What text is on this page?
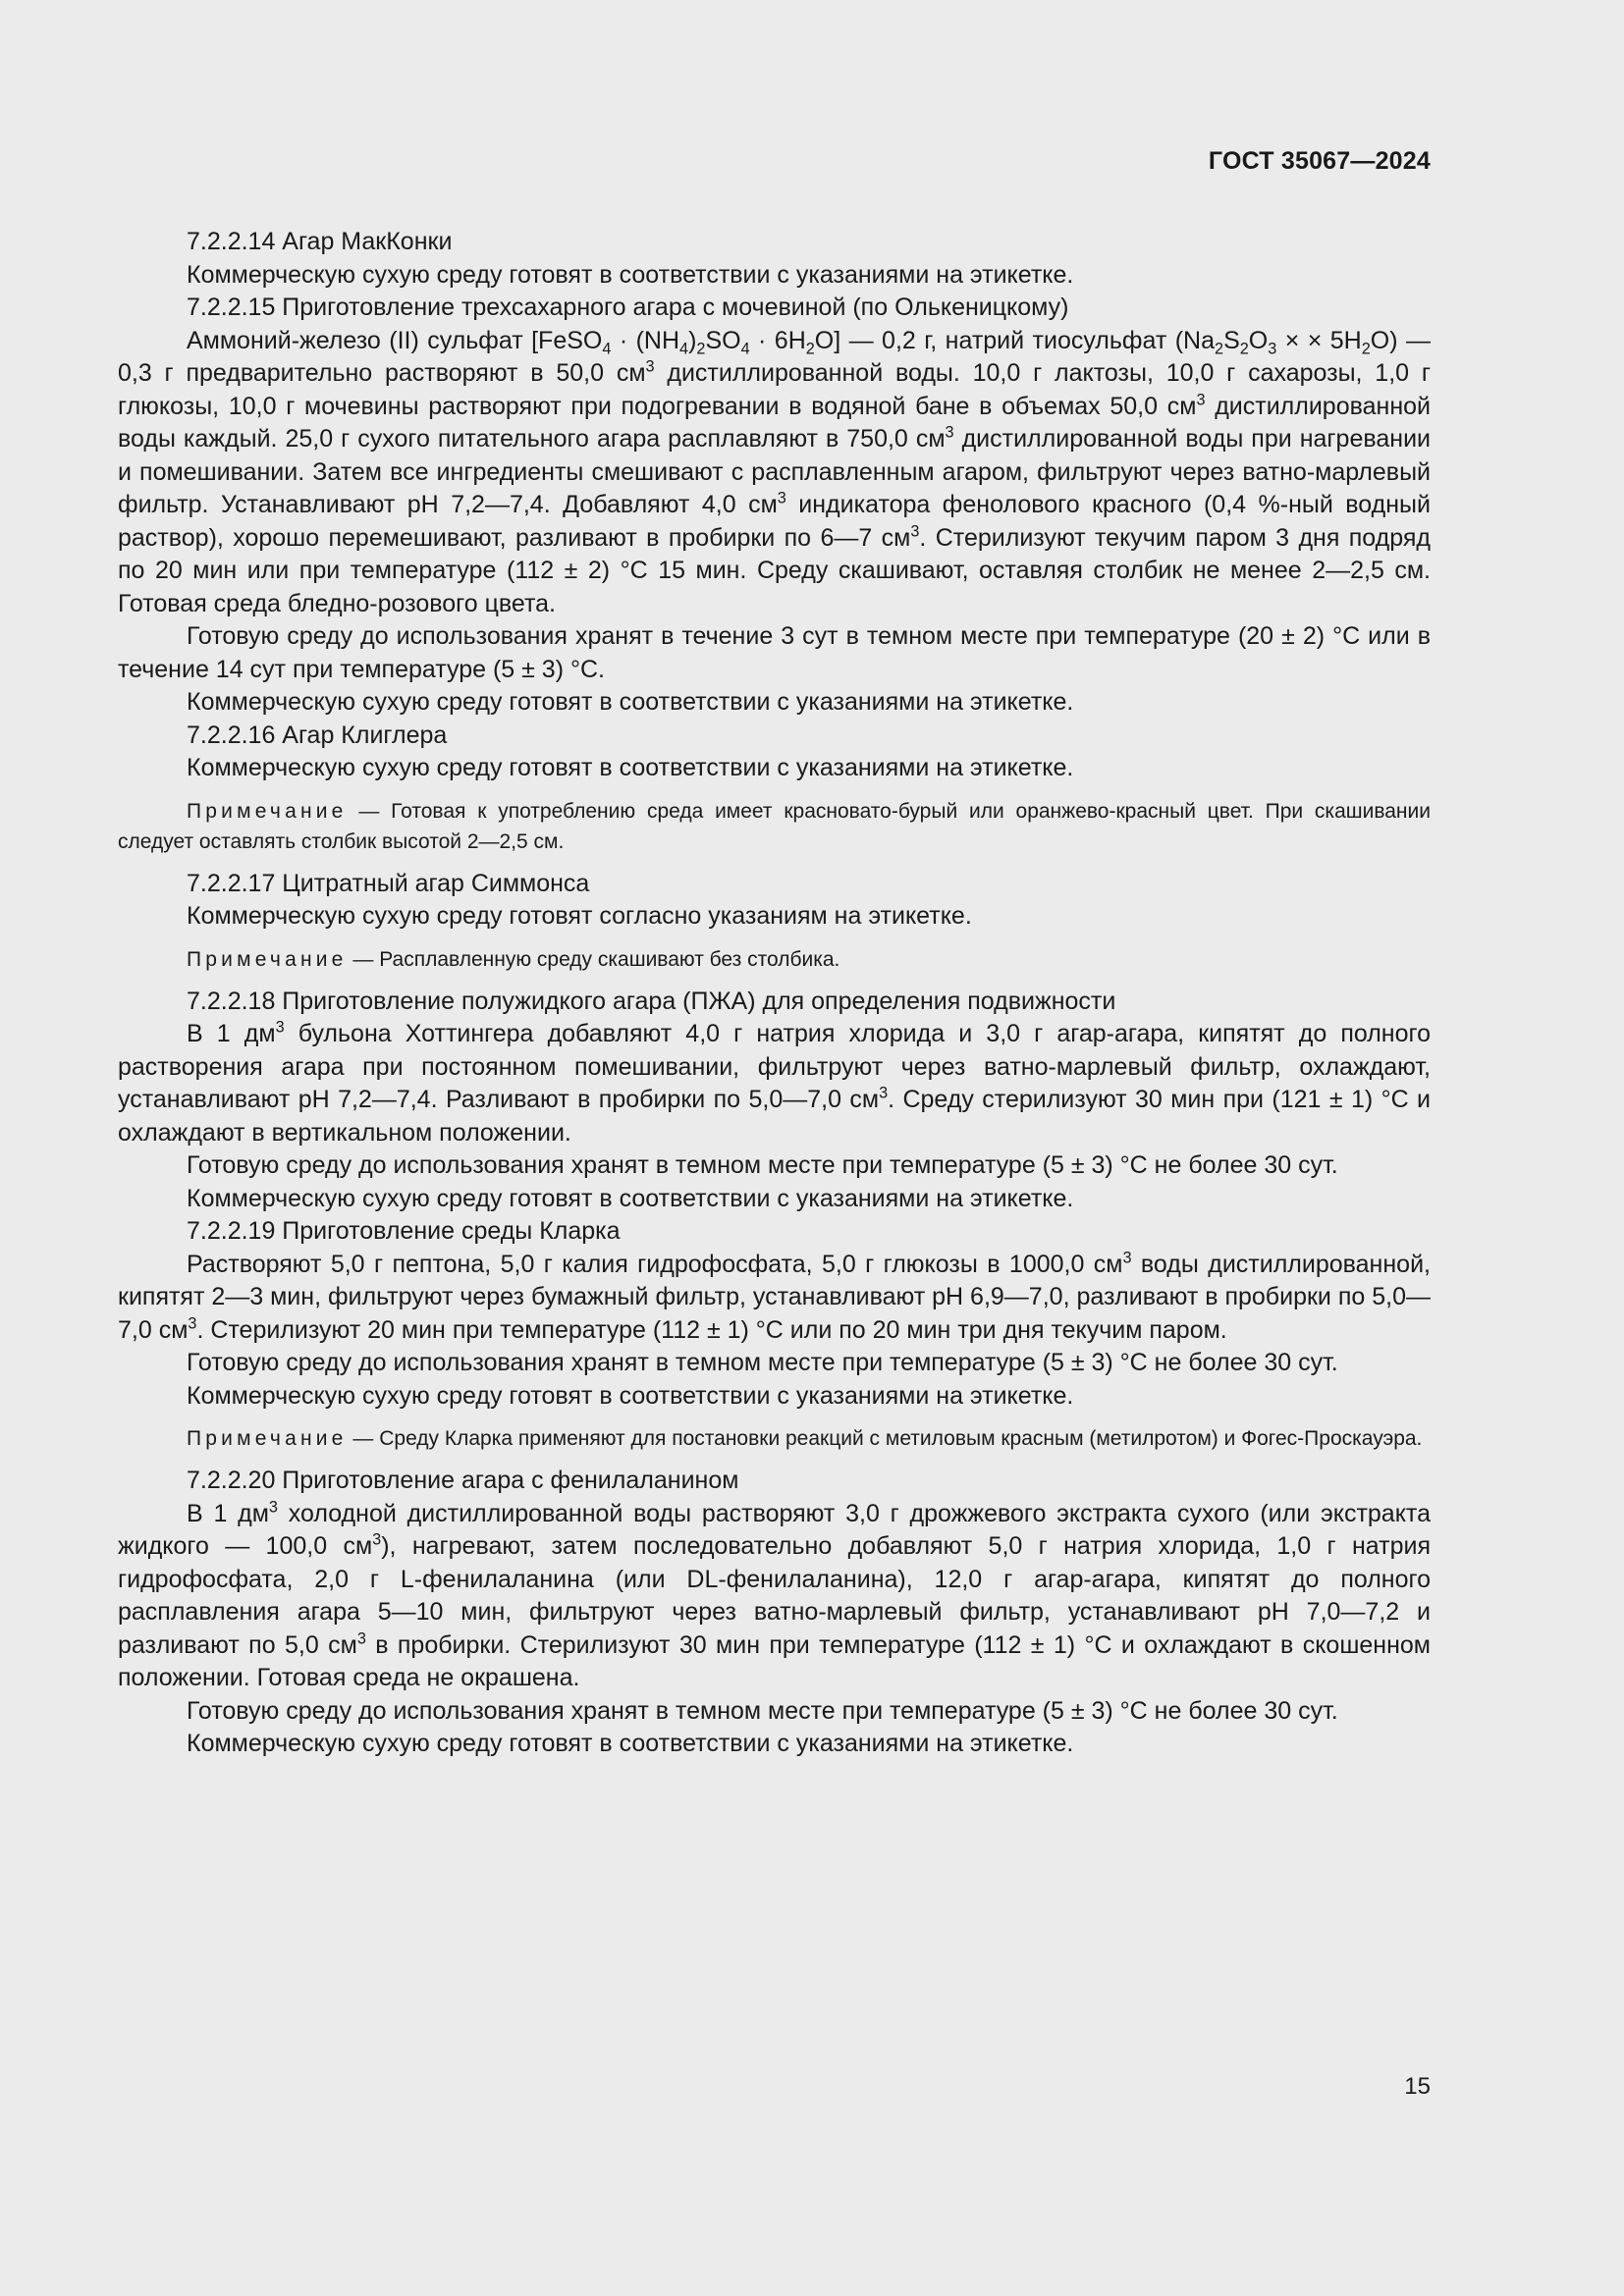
ГОСТ 35067—2024

7.2.2.14 Агар МакКонки

Коммерческую сухую среду готовят в соответствии с указаниями на этикетке.

7.2.2.15 Приготовление трехсахарного агара с мочевиной (по Олькеницкому)

Аммоний-железо (II) сульфат [FeSO$_4$ · $(NH_4)_2SO_4 \cdot 6H_2O$] — 0,2 г, натрий тиосульфат ($Na_2S_2O_3$ × × $5H_2O$) — 0,3 г предварительно растворяют в 50,0 $см^3$ дистиллированной воды. 10,0 г лактозы, 10,0 г сахарозы, 1,0 г глюкозы, 10,0 г мочевины растворяют при подогревании в водяной бане в объемах 50,0 $см^3$ дистиллированной воды каждый. 25,0 г сухого питательного агара расплавляют в 750,0 $см^3$ дистиллированной воды при нагревании и помешивании. Затем все ингредиенты смешивают с расплавленным агаром, фильтруют через ватно-марлевый фильтр. Устанавливают pH 7,2—7,4. Добавляют 4,0 $см^3$ индикатора фенолового красного (0,4 %-ный водный раствор), хорошо перемешивают, разливают в пробирки по 6—7 $см^3$. Стерилизуют текучим паром 3 дня подряд по 20 мин или при температуре (112 ± 2) °С 15 мин. Среду скашивают, оставляя столбик не менее 2—2,5 см. Готовая среда бледно-розового цвета.

Готовую среду до использования хранят в течение 3 сут в темном месте при температуре (20 ± 2) °С или в течение 14 сут при температуре (5 ± 3) °С.

Коммерческую сухую среду готовят в соответствии с указаниями на этикетке.

7.2.2.16 Агар Клиглера

Коммерческую сухую среду готовят в соответствии с указаниями на этикетке.

Примечание — Готовая к употреблению среда имеет красновато-бурый или оранжево-красный цвет. При скашивании следует оставлять столбик высотой 2—2,5 см.

7.2.2.17 Цитратный агар Симмонса

Коммерческую сухую среду готовят согласно указаниям на этикетке.

Примечание — Расплавленную среду скашивают без столбика.

7.2.2.18 Приготовление полужидкого агара (ПЖА) для определения подвижности

В 1 $дм^3$ бульона Хоттингера добавляют 4,0 г натрия хлорида и 3,0 г агар-агара, кипятят до полного растворения агара при постоянном помешивании, фильтруют через ватно-марлевый фильтр, охлаждают, устанавливают pH 7,2—7,4. Разливают в пробирки по 5,0—7,0 $см^3$. Среду стерилизуют 30 мин при (121 ± 1) °С и охлаждают в вертикальном положении.

Готовую среду до использования хранят в темном месте при температуре (5 ± 3) °С не более 30 сут.

Коммерческую сухую среду готовят в соответствии с указаниями на этикетке.

7.2.2.19 Приготовление среды Кларка

Растворяют 5,0 г пептона, 5,0 г калия гидрофосфата, 5,0 г глюкозы в 1000,0 $см^3$ воды дистиллированной, кипятят 2—3 мин, фильтруют через бумажный фильтр, устанавливают pH 6,9—7,0, разливают в пробирки по 5,0—7,0 $см^3$. Стерилизуют 20 мин при температуре (112 ± 1) °С или по 20 мин три дня текучим паром.

Готовую среду до использования хранят в темном месте при температуре (5 ± 3) °С не более 30 сут.

Коммерческую сухую среду готовят в соответствии с указаниями на этикетке.

Примечание — Среду Кларка применяют для постановки реакций с метиловым красным (метилротом) и Фогес-Проскауэра.

7.2.2.20 Приготовление агара с фенилаланином

В 1 $дм^3$ холодной дистиллированной воды растворяют 3,0 г дрожжевого экстракта сухого (или экстракта жидкого — 100,0 $см^3$), нагревают, затем последовательно добавляют 5,0 г натрия хлорида, 1,0 г натрия гидрофосфата, 2,0 г L-фенилаланина (или DL-фенилаланина), 12,0 г агар-агара, кипятят до полного расплавления агара 5—10 мин, фильтруют через ватно-марлевый фильтр, устанавливают pH 7,0—7,2 и разливают по 5,0 $см^3$ в пробирки. Стерилизуют 30 мин при температуре (112 ± 1) °С и охлаждают в скошенном положении. Готовая среда не окрашена.

Готовую среду до использования хранят в темном месте при температуре (5 ± 3) °С не более 30 сут.

Коммерческую сухую среду готовят в соответствии с указаниями на этикетке.

15
